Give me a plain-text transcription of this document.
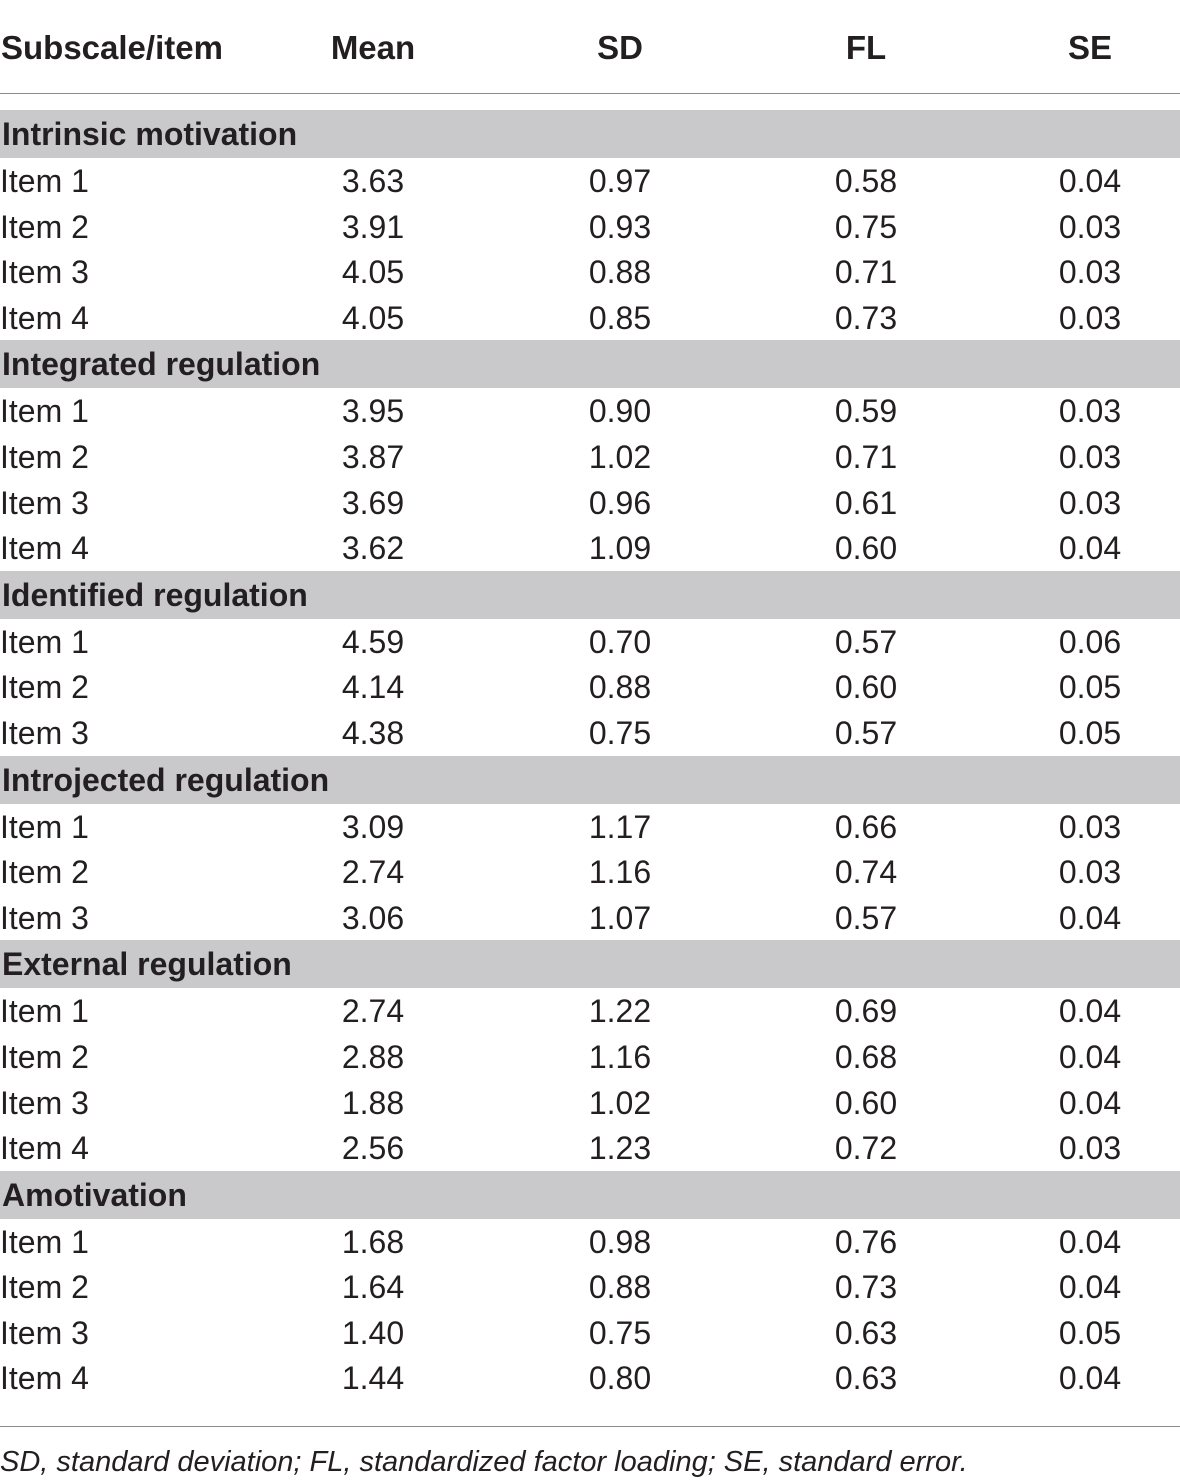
Subscale/item	Mean	SD	FL	SE
Intrinsic motivation
Item 1	3.63	0.97	0.58	0.04
Item 2	3.91	0.93	0.75	0.03
Item 3	4.05	0.88	0.71	0.03
Item 4	4.05	0.85	0.73	0.03
Integrated regulation
Item 1	3.95	0.90	0.59	0.03
Item 2	3.87	1.02	0.71	0.03
Item 3	3.69	0.96	0.61	0.03
Item 4	3.62	1.09	0.60	0.04
Identified regulation
Item 1	4.59	0.70	0.57	0.06
Item 2	4.14	0.88	0.60	0.05
Item 3	4.38	0.75	0.57	0.05
Introjected regulation
Item 1	3.09	1.17	0.66	0.03
Item 2	2.74	1.16	0.74	0.03
Item 3	3.06	1.07	0.57	0.04
External regulation
Item 1	2.74	1.22	0.69	0.04
Item 2	2.88	1.16	0.68	0.04
Item 3	1.88	1.02	0.60	0.04
Item 4	2.56	1.23	0.72	0.03
Amotivation
Item 1	1.68	0.98	0.76	0.04
Item 2	1.64	0.88	0.73	0.04
Item 3	1.40	0.75	0.63	0.05
Item 4	1.44	0.80	0.63	0.04
SD, standard deviation; FL, standardized factor loading; SE, standard error.
